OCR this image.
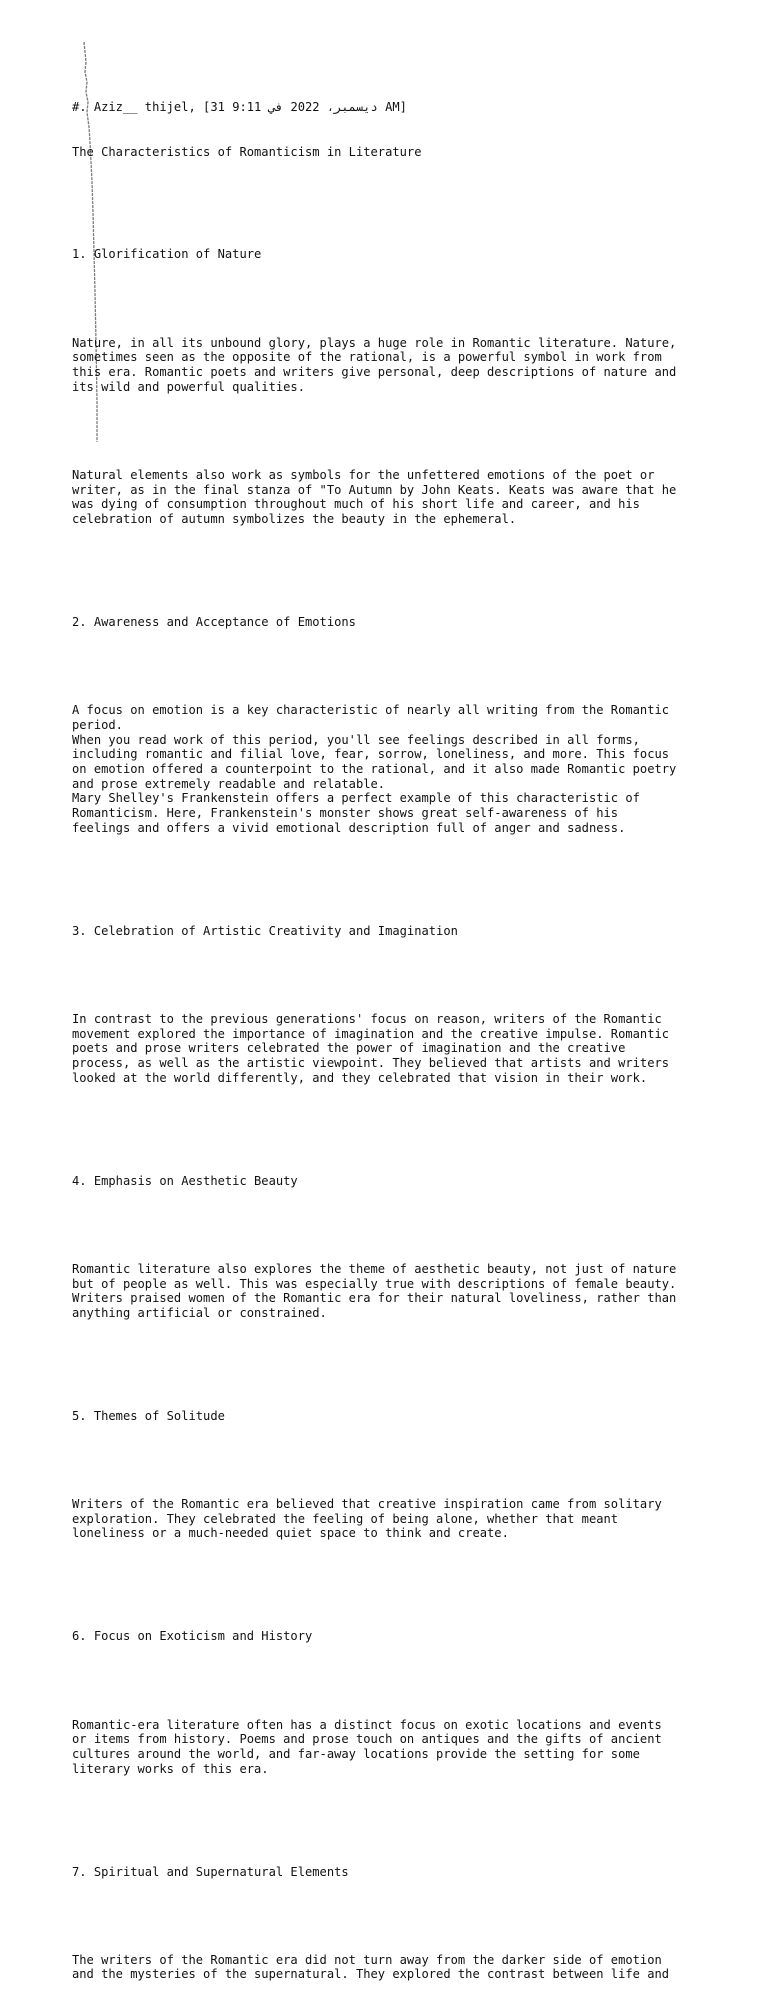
#. Aziz__ thijel, [31 ديسمبر، 2022 في 9:11 AM]

The Characteristics of Romanticism in Literature

1. Glorification of Nature

Nature, in all its unbound glory, plays a huge role in Romantic literature. Nature,
sometimes seen as the opposite of the rational, is a powerful symbol in work from
this era. Romantic poets and writers give personal, deep descriptions of nature and
its wild and powerful qualities.

Natural elements also work as symbols for the unfettered emotions of the poet or
writer, as in the final stanza of "To Autumn by John Keats. Keats was aware that he
was dying of consumption throughout much of his short life and career, and his
celebration of autumn symbolizes the beauty in the ephemeral.

2. Awareness and Acceptance of Emotions

A focus on emotion is a key characteristic of nearly all writing from the Romantic
period.
When you read work of this period, you'll see feelings described in all forms,
including romantic and filial love, fear, sorrow, loneliness, and more. This focus
on emotion offered a counterpoint to the rational, and it also made Romantic poetry
and prose extremely readable and relatable.
Mary Shelley's Frankenstein offers a perfect example of this characteristic of
Romanticism. Here, Frankenstein's monster shows great self-awareness of his
feelings and offers a vivid emotional description full of anger and sadness.

3. Celebration of Artistic Creativity and Imagination

In contrast to the previous generations' focus on reason, writers of the Romantic
movement explored the importance of imagination and the creative impulse. Romantic
poets and prose writers celebrated the power of imagination and the creative
process, as well as the artistic viewpoint. They believed that artists and writers
looked at the world differently, and they celebrated that vision in their work.

4. Emphasis on Aesthetic Beauty

Romantic literature also explores the theme of aesthetic beauty, not just of nature
but of people as well. This was especially true with descriptions of female beauty.
Writers praised women of the Romantic era for their natural loveliness, rather than
anything artificial or constrained.

5. Themes of Solitude

Writers of the Romantic era believed that creative inspiration came from solitary
exploration. They celebrated the feeling of being alone, whether that meant
loneliness or a much-needed quiet space to think and create.

6. Focus on Exoticism and History

Romantic-era literature often has a distinct focus on exotic locations and events
or items from history. Poems and prose touch on antiques and the gifts of ancient
cultures around the world, and far-away locations provide the setting for some
literary works of this era.

7. Spiritual and Supernatural Elements

The writers of the Romantic era did not turn away from the darker side of emotion
and the mysteries of the supernatural. They explored the contrast between life and
